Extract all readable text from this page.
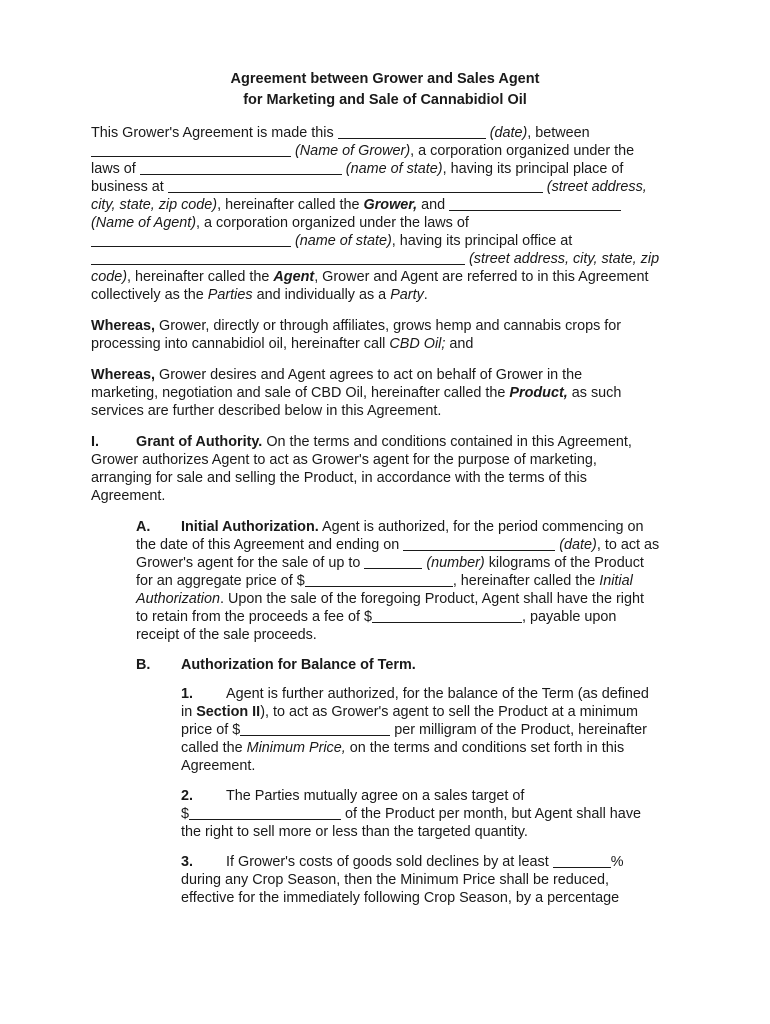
Agreement between Grower and Sales Agent
for Marketing and Sale of Cannabidiol Oil
This Grower's Agreement is made this	(date), between
(Name of Grower), a corporation organized under the
laws of	(name of state), having its principal place of
business at	(street address,
city, state, zip code), hereinafter called the Grower, and
(Name of Agent), a corporation organized under the laws of
(name of state), having its principal office at
(street address, city, state, zip
code), hereinafter called the Agent, Grower and Agent are referred to in this Agreement
collectively as the Parties and individually as a Party.
Whereas, Grower, directly or through affiliates, grows hemp and cannabis crops for
processing into cannabidiol oil, hereinafter call CBD Oil; and
Whereas, Grower desires and Agent agrees to act on behalf of Grower in the
marketing, negotiation and sale of CBD Oil, hereinafter called the Product, as such
services are further described below in this Agreement.
I.	Grant of Authority. On the terms and conditions contained in this Agreement,
Grower authorizes Agent to act as Grower's agent for the purpose of marketing,
arranging for sale and selling the Product, in accordance with the terms of this
Agreement.
A. Initial Authorization. Agent is authorized, for the period commencing on
the date of this Agreement and ending on	(date), to act as
Grower's agent for the sale of up to	(number) kilograms of the Product
for an aggregate price of $	, hereinafter called the Initial
Authorization. Upon the sale of the foregoing Product, Agent shall have the right
to retain from the proceeds a fee of $	, payable upon
receipt of the sale proceeds.
B. Authorization for Balance of Term.
1. Agent is further authorized, for the balance of the Term (as defined
in Section II), to act as Grower's agent to sell the Product at a minimum
price of $	per milligram of the Product, hereinafter
called the Minimum Price, on the terms and conditions set forth in this
Agreement.
2. The Parties mutually agree on a sales target of
$	of the Product per month, but Agent shall have
the right to sell more or less than the targeted quantity.
3. If Grower's costs of goods sold declines by at least	%
during any Crop Season, then the Minimum Price shall be reduced,
effective for the immediately following Crop Season, by a percentage
